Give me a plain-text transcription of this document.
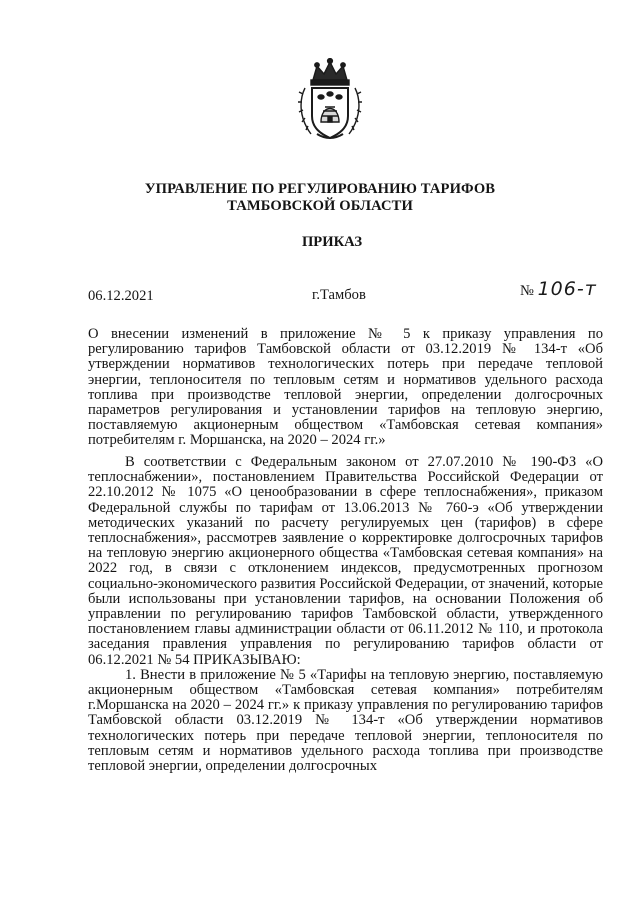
УПРАВЛЕНИЕ ПО РЕГУЛИРОВАНИЮ ТАРИФОВ
ТАМБОВСКОЙ ОБЛАСТИ
ПРИКАЗ
06.12.2021	г.Тамбов	№ 106-т
О внесении изменений в приложение № 5 к приказу управления по регулированию тарифов Тамбовской области от 03.12.2019 № 134-т «Об утверждении нормативов технологических потерь при передаче тепловой энергии, теплоносителя по тепловым сетям и нормативов удельного расхода топлива при производстве тепловой энергии, определении долгосрочных параметров регулирования и установлении тарифов на тепловую энергию, поставляемую акционерным обществом «Тамбовская сетевая компания» потребителям г. Моршанска, на 2020 – 2024 гг.»

В соответствии с Федеральным законом от 27.07.2010 № 190-ФЗ «О теплоснабжении», постановлением Правительства Российской Федерации от 22.10.2012 № 1075 «О ценообразовании в сфере теплоснабжения», приказом Федеральной службы по тарифам от 13.06.2013 № 760-э «Об утверждении методических указаний по расчету регулируемых цен (тарифов) в сфере теплоснабжения», рассмотрев заявление о корректировке долгосрочных тарифов на тепловую энергию акционерного общества «Тамбовская сетевая компания» на 2022 год, в связи с отклонением индексов, предусмотренных прогнозом социально-экономического развития Российской Федерации, от значений, которые были использованы при установлении тарифов, на основании Положения об управлении по регулированию тарифов Тамбовской области, утвержденного постановлением главы администрации области от 06.11.2012 № 110, и протокола заседания правления управления по регулированию тарифов области от 06.12.2021 № 54 ПРИКАЗЫВАЮ:

1. Внести в приложение № 5 «Тарифы на тепловую энергию, поставляемую акционерным обществом «Тамбовская сетевая компания» потребителям г.Моршанска на 2020 – 2024 гг.» к приказу управления по регулированию тарифов Тамбовской области 03.12.2019 № 134-т «Об утверждении нормативов технологических потерь при передаче тепловой энергии, теплоносителя по тепловым сетям и нормативов удельного расхода топлива при производстве тепловой энергии, определении долгосрочных
